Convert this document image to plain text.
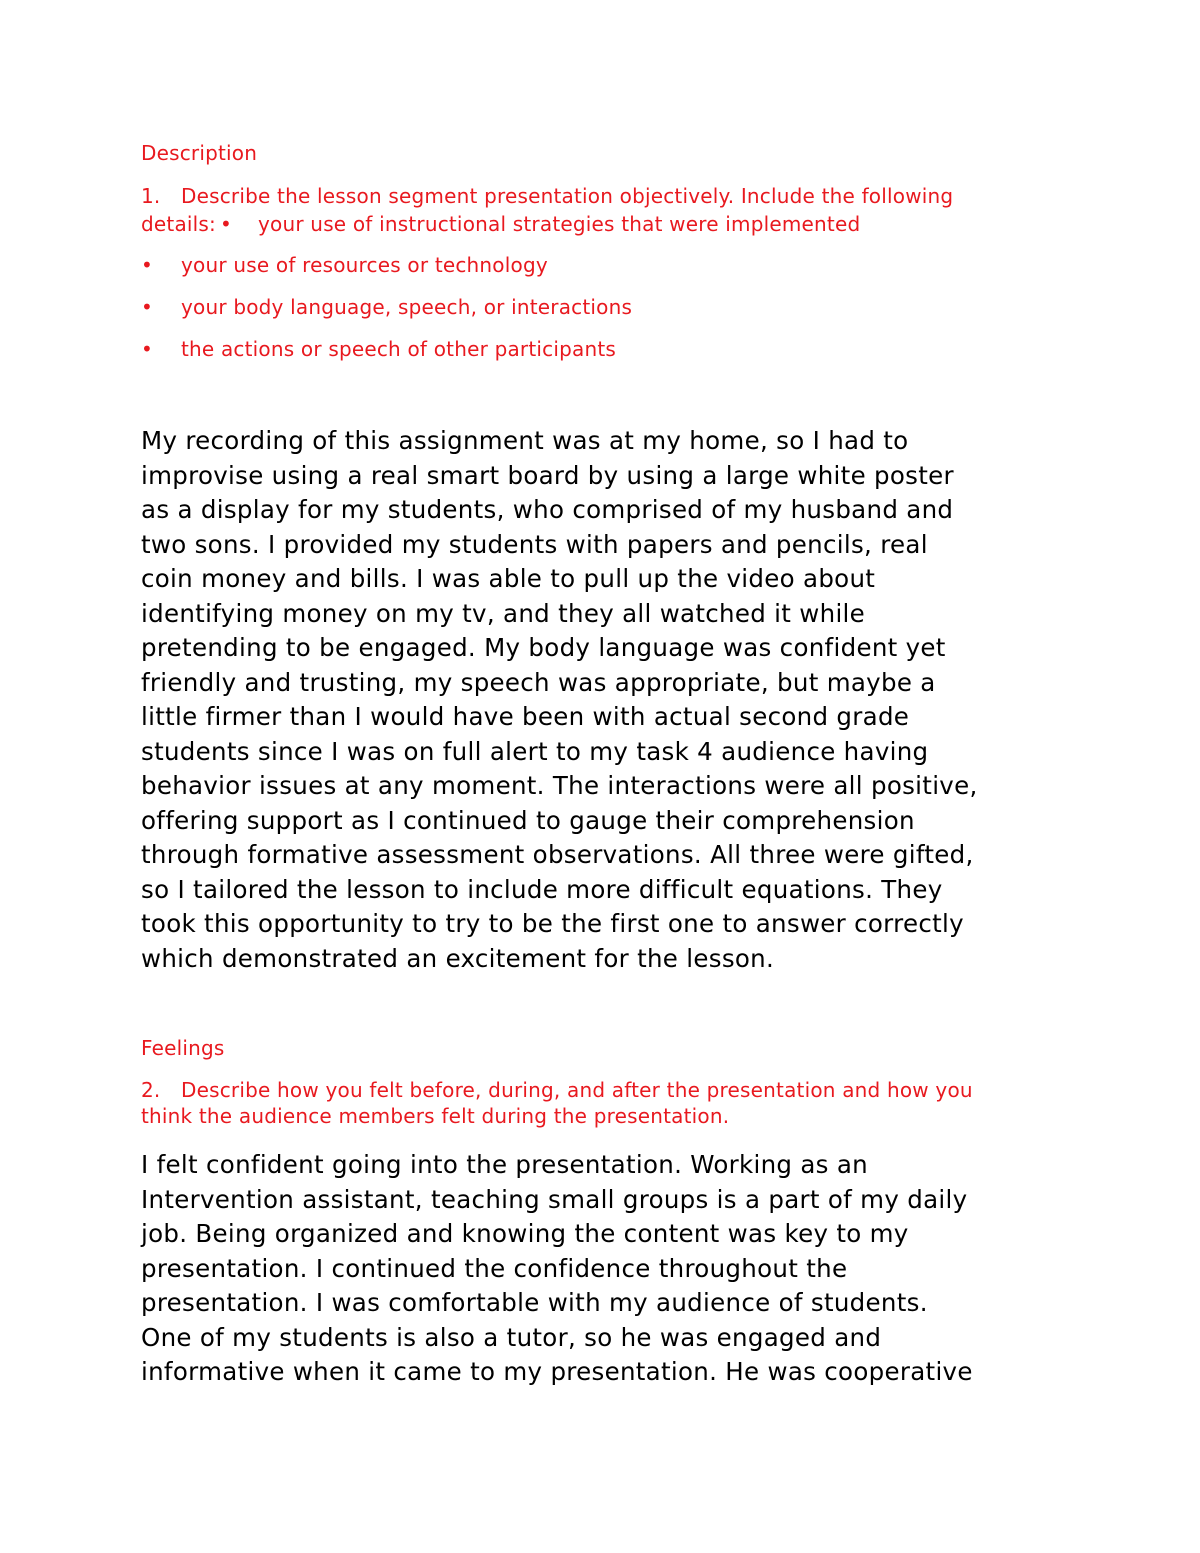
Description

1. Describe the lesson segment presentation objectively. Include the following
details: • your use of instructional strategies that were implemented
•	your use of resources or technology
•	your body language, speech, or interactions
•	the actions or speech of other participants
My recording of this assignment was at my home, so I had to
improvise using a real smart board by using a large white poster
as a display for my students, who comprised of my husband and
two sons. I provided my students with papers and pencils, real
coin money and bills. I was able to pull up the video about
identifying money on my tv, and they all watched it while
pretending to be engaged. My body language was confident yet
friendly and trusting, my speech was appropriate, but maybe a
little firmer than I would have been with actual second grade
students since I was on full alert to my task 4 audience having
behavior issues at any moment. The interactions were all positive,
offering support as I continued to gauge their comprehension
through formative assessment observations. All three were gifted,
so I tailored the lesson to include more difficult equations. They
took this opportunity to try to be the first one to answer correctly
which demonstrated an excitement for the lesson.

Feelings

2. Describe how you felt before, during, and after the presentation and how you
think the audience members felt during the presentation.
I felt confident going into the presentation. Working as an
Intervention assistant, teaching small groups is a part of my daily
job. Being organized and knowing the content was key to my
presentation. I continued the confidence throughout the
presentation. I was comfortable with my audience of students.
One of my students is also a tutor, so he was engaged and
informative when it came to my presentation. He was cooperative
